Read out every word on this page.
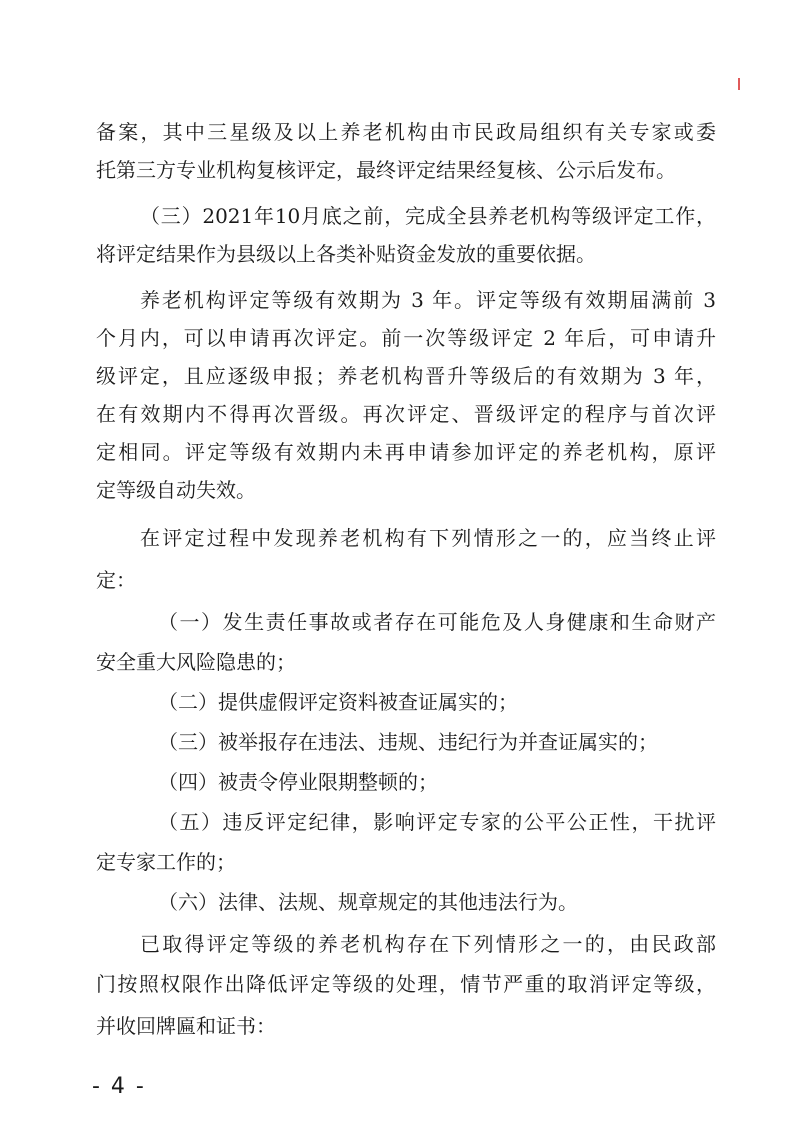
备案，其中三星级及以上养老机构由市民政局组织有关专家或委
托第三方专业机构复核评定，最终评定结果经复核、公示后发布。
（三）2021年10月底之前，完成全县养老机构等级评定工作，
将评定结果作为县级以上各类补贴资金发放的重要依据。
养老机构评定等级有效期为 3 年。评定等级有效期届满前 3
个月内，可以申请再次评定。前一次等级评定 2 年后，可申请升
级评定，且应逐级申报；养老机构晋升等级后的有效期为 3 年，
在有效期内不得再次晋级。再次评定、晋级评定的程序与首次评
定相同。评定等级有效期内未再申请参加评定的养老机构，原评
定等级自动失效。
在评定过程中发现养老机构有下列情形之一的，应当终止评
定：
（一）发生责任事故或者存在可能危及人身健康和生命财产
安全重大风险隐患的；
（二）提供虚假评定资料被查证属实的；
（三）被举报存在违法、违规、违纪行为并查证属实的；
（四）被责令停业限期整顿的；
（五）违反评定纪律，影响评定专家的公平公正性，干扰评
定专家工作的；
（六）法律、法规、规章规定的其他违法行为。
已取得评定等级的养老机构存在下列情形之一的，由民政部
门按照权限作出降低评定等级的处理，情节严重的取消评定等级，
并收回牌匾和证书：
- 4 -
